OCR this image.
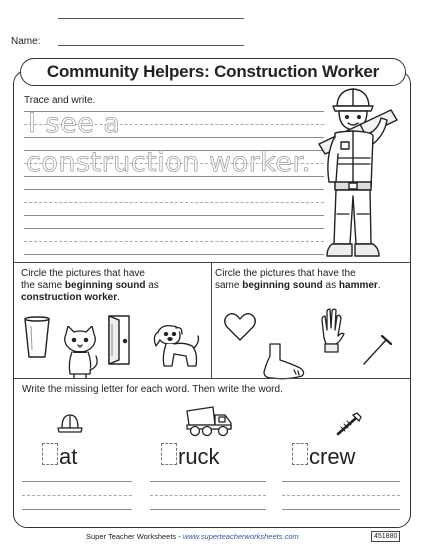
Name:
Community Helpers: Construction Worker
Trace and write.
I see a
construction worker.
Circle the pictures that have
the same beginning sound as
construction worker.
Circle the pictures that have the
same beginning sound as hammer.
Write the missing letter for each word. Then write the word.
at	ruck	crew
Super Teacher Worksheets - www.superteacherworksheets.com	451880
